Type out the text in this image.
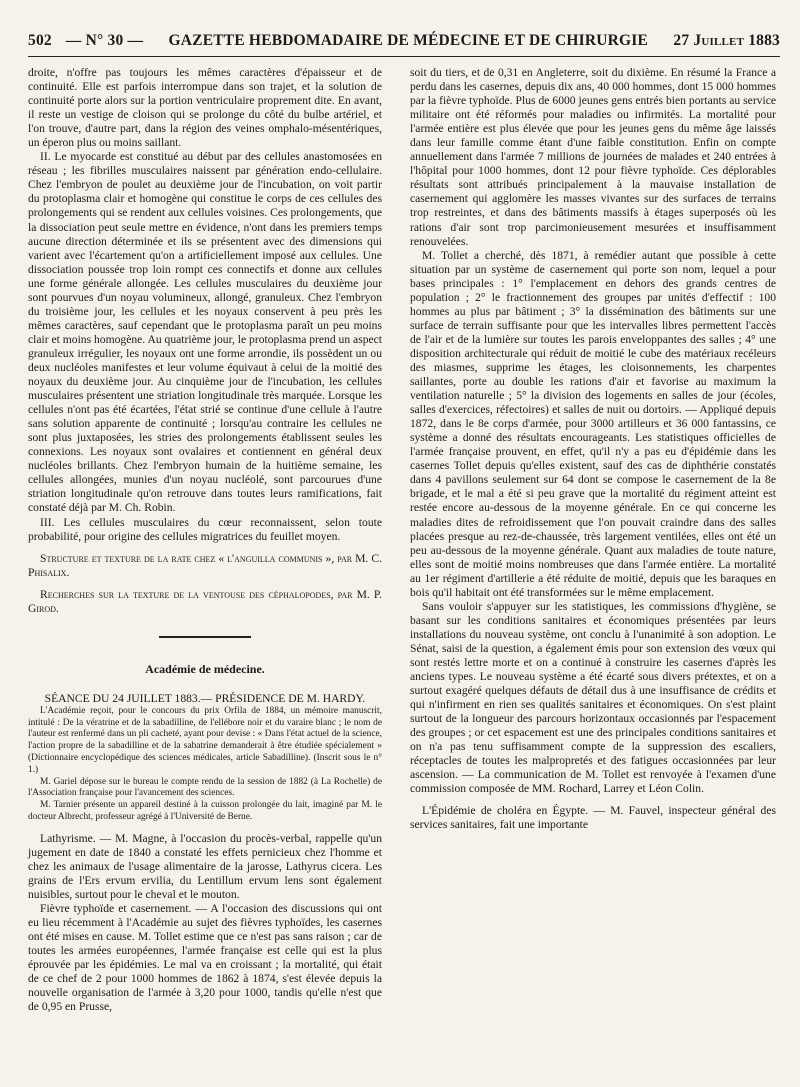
502 — N° 30 —	GAZETTE HEBDOMADAIRE DE MÉDECINE ET DE CHIRURGIE	27 Juillet 1883

droite, n'offre pas toujours les mêmes caractères d'épaisseur et de continuité. Elle est parfois interrompue dans son trajet, et la solution de continuité porte alors sur la portion ventriculaire proprement dite. En avant, il reste un vestige de cloison qui se prolonge du côté du bulbe artériel, et l'on trouve, d'autre part, dans la région des veines omphalo-mésentériques, un éperon plus ou moins saillant.

II. Le myocarde est constitué au début par des cellules anastomosées en réseau ; les fibrilles musculaires naissent par génération endo-cellulaire. Chez l'embryon de poulet au deuxième jour de l'incubation, on voit partir du protoplasma clair et homogène qui constitue le corps de ces cellules des prolongements qui se rendent aux cellules voisines. Ces prolongements, que la dissociation peut seule mettre en évidence, n'ont dans les premiers temps aucune direction déterminée et ils se présentent avec des dimensions qui varient avec l'écartement qu'on a artificiellement imposé aux cellules. Une dissociation poussée trop loin rompt ces connectifs et donne aux cellules une forme générale allongée. Les cellules musculaires du deuxième jour sont pourvues d'un noyau volumineux, allongé, granuleux. Chez l'embryon du troisième jour, les cellules et les noyaux conservent à peu près les mêmes caractères, sauf cependant que le protoplasma paraît un peu moins clair et moins homogène. Au quatrième jour, le protoplasma prend un aspect granuleux irrégulier, les noyaux ont une forme arrondie, ils possèdent un ou deux nucléoles manifestes et leur volume équivaut à celui de la moitié des noyaux du deuxième jour. Au cinquième jour de l'incubation, les cellules musculaires présentent une striation longitudinale très marquée. Lorsque les cellules n'ont pas été écartées, l'état strié se continue d'une cellule à l'autre sans solution apparente de continuité ; lorsqu'au contraire les cellules ne sont plus juxtaposées, les stries des prolongements établissent seules les connexions. Les noyaux sont ovalaires et contiennent en général deux nucléoles brillants. Chez l'embryon humain de la huitième semaine, les cellules allongées, munies d'un noyau nucléolé, sont parcourues d'une striation longitudinale qu'on retrouve dans toutes leurs ramifications, fait constaté déjà par M. Ch. Robin.

III. Les cellules musculaires du cœur reconnaissent, selon toute probabilité, pour origine des cellules migratrices du feuillet moyen.

Structure et texture de la rate chez « l'anguilla communis », par M. C. Phisalix.

Recherches sur la texture de la ventouse des céphalopodes, par M. P. Girod.

Académie de médecine.

SÉANCE DU 24 JUILLET 1883.— PRÉSIDENCE DE M. HARDY.

L'Académie reçoit, pour le concours du prix Orfila de 1884, un mémoire manuscrit, intitulé : De la vératrine et de la sabadilline, de l'ellébore noir et du varaire blanc ; le nom de l'auteur est renfermé dans un pli cacheté, ayant pour devise : « Dans l'état actuel de la science, l'action propre de la sabadilline et de la sabatrine demanderait à être étudiée spécialement » (Dictionnaire encyclopédique des sciences médicales, article Sabadilline). (Inscrit sous le n° 1.)

M. Gariel dépose sur le bureau le compte rendu de la session de 1882 (à La Rochelle) de l'Association française pour l'avancement des sciences.

M. Tarnier présente un appareil destiné à la cuisson prolongée du lait, imaginé par M. le docteur Albrecht, professeur agrégé à l'Université de Berne.

Lathyrisme. — M. Magne, à l'occasion du procès-verbal, rappelle qu'un jugement en date de 1840 a constaté les effets pernicieux chez l'homme et chez les animaux de l'usage alimentaire de la jarosse, Lathyrus cicera. Les grains de l'Ers ervum ervilia, du Lentillum ervum lens sont également nuisibles, surtout pour le cheval et le mouton.

Fièvre typhoïde et casernement. — A l'occasion des discussions qui ont eu lieu récemment à l'Académie au sujet des fièvres typhoïdes, les casernes ont été mises en cause. M. Tollet estime que ce n'est pas sans raison ; car de toutes les armées européennes, l'armée française est celle qui est la plus éprouvée par les épidémies. Le mal va en croissant ; la mortalité, qui était de ce chef de 2 pour 1000 hommes de 1862 à 1874, s'est élevée depuis la nouvelle organisation de l'armée à 3,20 pour 1000, tandis qu'elle n'est que de 0,95 en Prusse,

soit du tiers, et de 0,31 en Angleterre, soit du dixième. En résumé la France a perdu dans les casernes, depuis dix ans, 40 000 hommes, dont 15 000 hommes par la fièvre typhoïde. Plus de 6000 jeunes gens entrés bien portants au service militaire ont été réformés pour maladies ou infirmités. La mortalité pour l'armée entière est plus élevée que pour les jeunes gens du même âge laissés dans leur famille comme étant d'une faible constitution. Enfin on compte annuellement dans l'armée 7 millions de journées de malades et 240 entrées à l'hôpital pour 1000 hommes, dont 12 pour fièvre typhoïde. Ces déplorables résultats sont attribués principalement à la mauvaise installation de casernement qui agglomère les masses vivantes sur des surfaces de terrains trop restreintes, et dans des bâtiments massifs à étages superposés où les rations d'air sont trop parcimonieusement mesurées et insuffisamment renouvelées.

M. Tollet a cherché, dès 1871, à remédier autant que possible à cette situation par un système de casernement qui porte son nom, lequel a pour bases principales : 1° l'emplacement en dehors des grands centres de population ; 2° le fractionnement des groupes par unités d'effectif : 100 hommes au plus par bâtiment ; 3° la dissémination des bâtiments sur une surface de terrain suffisante pour que les intervalles libres permettent l'accès de l'air et de la lumière sur toutes les parois enveloppantes des salles ; 4° une disposition architecturale qui réduit de moitié le cube des matériaux recéleurs des miasmes, supprime les étages, les cloisonnements, les charpentes saillantes, porte au double les rations d'air et favorise au maximum la ventilation naturelle ; 5° la division des logements en salles de jour (écoles, salles d'exercices, réfectoires) et salles de nuit ou dortoirs. — Appliqué depuis 1872, dans le 8e corps d'armée, pour 3000 artilleurs et 36 000 fantassins, ce système a donné des résultats encourageants. Les statistiques officielles de l'armée française prouvent, en effet, qu'il n'y a pas eu d'épidémie dans les casernes Tollet depuis qu'elles existent, sauf des cas de diphthérie constatés dans 4 pavillons seulement sur 64 dont se compose le casernement de la 8e brigade, et le mal a été si peu grave que la mortalité du régiment atteint est restée encore au-dessous de la moyenne générale. En ce qui concerne les maladies dites de refroidissement que l'on pouvait craindre dans des salles placées presque au rez-de-chaussée, très largement ventilées, elles ont été un peu au-dessous de la moyenne générale. Quant aux maladies de toute nature, elles sont de moitié moins nombreuses que dans l'armée entière. La mortalité au 1er régiment d'artillerie a été réduite de moitié, depuis que les baraques en bois qu'il habitait ont été transformées sur le même emplacement.

Sans vouloir s'appuyer sur les statistiques, les commissions d'hygiène, se basant sur les conditions sanitaires et économiques présentées par leurs installations du nouveau système, ont conclu à l'unanimité à son adoption. Le Sénat, saisi de la question, a également émis pour son extension des vœux qui sont restés lettre morte et on a continué à construire les casernes d'après les anciens types. Le nouveau système a été écarté sous divers prétextes, et on a surtout exagéré quelques défauts de détail dus à une insuffisance de crédits et qui n'infirment en rien ses qualités sanitaires et économiques. On s'est plaint surtout de la longueur des parcours horizontaux occasionnés par l'espacement des groupes ; or cet espacement est une des principales conditions sanitaires et on n'a pas tenu suffisamment compte de la suppression des escaliers, réceptacles de toutes les malpropretés et des fatigues occasionnées par leur ascension. — La communication de M. Tollet est renvoyée à l'examen d'une commission composée de MM. Rochard, Larrey et Léon Colin.

L'Épidémie de choléra en Égypte. — M. Fauvel, inspecteur général des services sanitaires, fait une importante
